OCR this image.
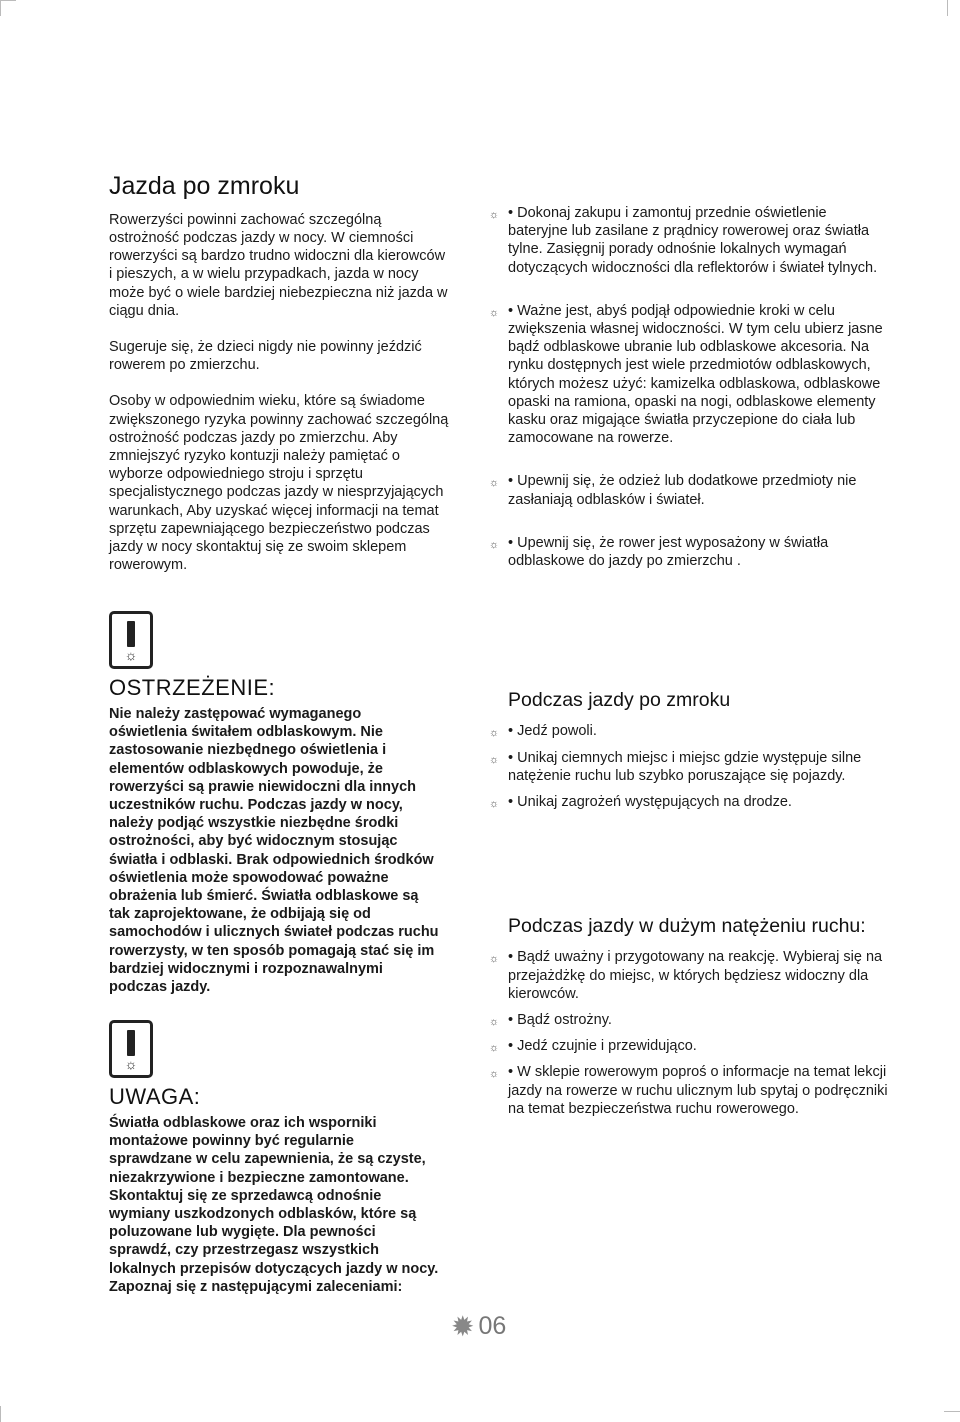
Jazda po zmroku

Rowerzyści powinni zachować szczególną ostrożność podczas jazdy w nocy. W ciemności rowerzyści są bardzo trudno widoczni dla kierowców i pieszych, a w wielu przypadkach, jazda w nocy może być o wiele bardziej niebezpieczna niż jazda w ciągu dnia.

Sugeruje się, że dzieci nigdy nie powinny jeździć rowerem po zmierzchu.

Osoby w odpowiednim wieku, które są świadome zwiększonego ryzyka powinny zachować szczególną ostrożność podczas jazdy po zmierzchu. Aby zmniejszyć ryzyko kontuzji należy pamiętać o wyborze odpowiedniego stroju i sprzętu specjalistycznego podczas jazdy w niesprzyjających warunkach, Aby uzyskać więcej informacji na temat sprzętu zapewniającego bezpieczeństwo podczas jazdy w nocy skontaktuj się ze swoim sklepem rowerowym.

☼ • Dokonaj zakupu i zamontuj przednie oświetlenie bateryjne lub zasilane z prądnicy rowerowej oraz światła tylne. Zasięgnij porady odnośnie lokalnych wymagań dotyczących widoczności dla reflektorów i świateł tylnych.
☼ • Ważne jest, abyś podjął odpowiednie kroki w celu zwiększenia własnej widoczności. W tym celu ubierz jasne bądź odblaskowe ubranie lub odblaskowe akcesoria. Na rynku dostępnych jest wiele przedmiotów odblaskowych, których możesz użyć: kamizelka odblaskowa, odblaskowe opaski na ramiona, opaski na nogi, odblaskowe elementy kasku oraz migające światła przyczepione do ciała lub zamocowane na rowerze.
☼ • Upewnij się, że odzież lub dodatkowe przedmioty nie zasłaniają odblasków i świateł.
☼ • Upewnij się, że rower jest wyposażony w światła odblaskowe do jazdy po zmierzchu .
☼
OSTRZEŻENIE:

Nie należy zastępować wymaganego oświetlenia świtałem odblaskowym. Nie zastosowanie niezbędnego oświetlenia i elementów odblaskowych powoduje, że rowerzyści są prawie niewidoczni dla innych uczestników ruchu. Podczas jazdy w nocy, należy podjąć wszystkie niezbędne środki ostrożności, aby być widocznym stosując światła i odblaski. Brak odpowiednich środków oświetlenia może spowodować poważne obrażenia lub śmierć. Światła odblaskowe są tak zaprojektowane, że odbijają się od samochodów i ulicznych świateł podczas ruchu rowerzysty, w ten sposób pomagają stać się im bardziej widocznymi i rozpoznawalnymi podczas jazdy.

☼
UWAGA:

Światła odblaskowe oraz ich wsporniki montażowe powinny być regularnie sprawdzane w celu zapewnienia, że są czyste, niezakrzywione i bezpieczne zamontowane. Skontaktuj się ze sprzedawcą odnośnie wymiany uszkodzonych odblasków, które są poluzowane lub wygięte. Dla pewności sprawdź, czy przestrzegasz wszystkich lokalnych przepisów dotyczących jazdy w nocy. Zapoznaj się z następującymi zaleceniami:

Podczas jazdy po zmroku
☼ • Jedź powoli.
☼ • Unikaj ciemnych miejsc i miejsc gdzie występuje silne natężenie ruchu lub szybko poruszające się pojazdy.
☼ • Unikaj zagrożeń występujących na drodze.
Podczas jazdy w dużym natężeniu ruchu:
☼ • Bądź uważny i przygotowany na reakcję. Wybieraj się na przejażdżkę do miejsc, w których będziesz widoczny dla kierowców.
☼ • Bądź ostrożny.
☼ • Jedź czujnie i przewidująco.
☼ • W sklepie rowerowym poproś o informacje na temat lekcji jazdy na rowerze w ruchu ulicznym lub spytaj o podręczniki na temat bezpieczeństwa ruchu rowerowego.
✹ 06
